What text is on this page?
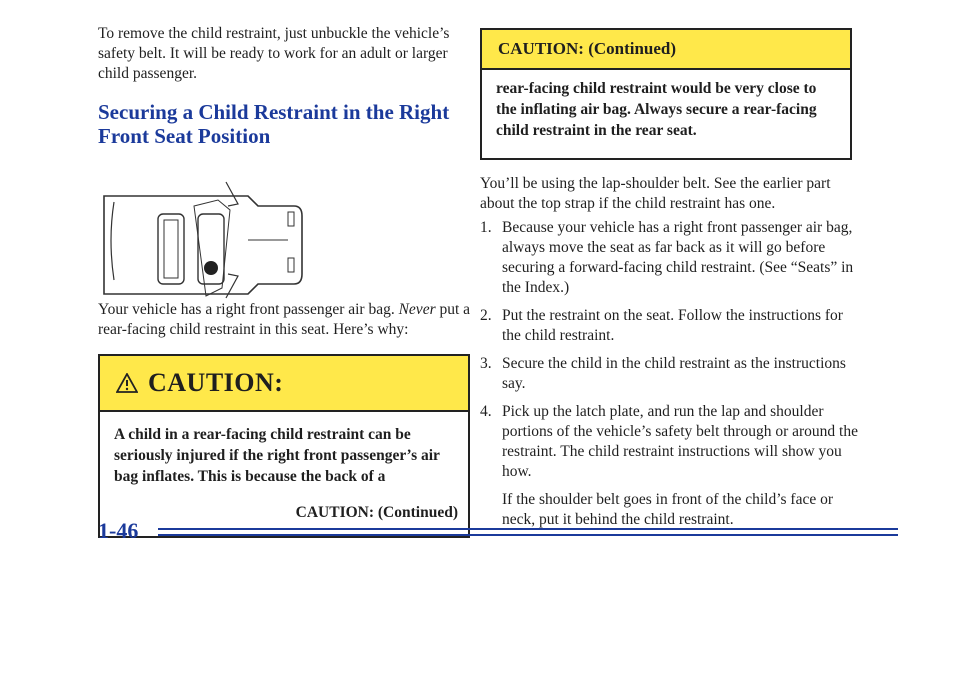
To remove the child restraint, just unbuckle the vehicle’s safety belt. It will be ready to work for an adult or larger child passenger.

Securing a Child Restraint in the Right Front Seat Position

Your vehicle has a right front passenger air bag. Never put a rear-facing child restraint in this seat. Here’s why:

CAUTION:
A child in a rear-facing child restraint can be seriously injured if the right front passenger’s air bag inflates. This is because the back of a
CAUTION: (Continued)
CAUTION: (Continued)
rear-facing child restraint would be very close to the inflating air bag. Always secure a rear-facing child restraint in the rear seat.

You’ll be using the lap-shoulder belt. See the earlier part about the top strap if the child restraint has one.

1. Because your vehicle has a right front passenger air bag, always move the seat as far back as it will go before securing a forward-facing child restraint. (See “Seats” in the Index.)
2. Put the restraint on the seat. Follow the instructions for the child restraint.
3. Secure the child in the child restraint as the instructions say.
4. Pick up the latch plate, and run the lap and shoulder portions of the vehicle’s safety belt through or around the restraint. The child restraint instructions will show you how.
If the shoulder belt goes in front of the child’s face or neck, put it behind the child restraint.
1-46
